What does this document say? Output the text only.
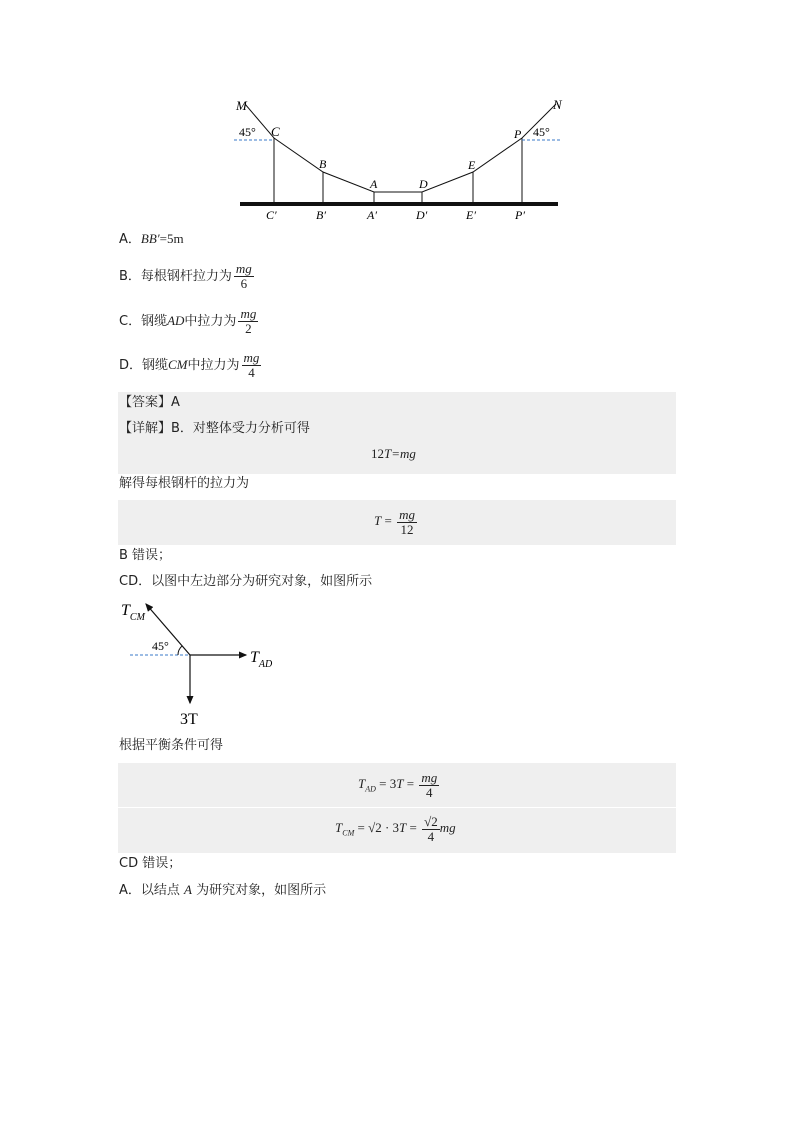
M	N
C
45°
B
A	D
E
P 45°
C′	B′	A′	D′	E′	P′
A．BB′=5m
B．每根钢杆拉力为 $\frac{mg}{6}$
C．钢缆AD中拉力为 $\frac{mg}{2}$
D．钢缆CM中拉力为 $\frac{mg}{4}$
【答案】A
【详解】B．对整体受力分析可得
12T=mg
解得每根钢杆的拉力为
$T = \frac{mg}{12}$
B 错误；
CD．以图中左边部分为研究对象，如图所示
$T_{CM}$
45°
$T_{AD}$
3T
根据平衡条件可得
$T_{AD} = 3T = \frac{mg}{4}$
$T_{CM} = √2 \cdot 3T = \frac{√2}{4}$ mg
CD 错误；
A．以结点 A 为研究对象，如图所示
